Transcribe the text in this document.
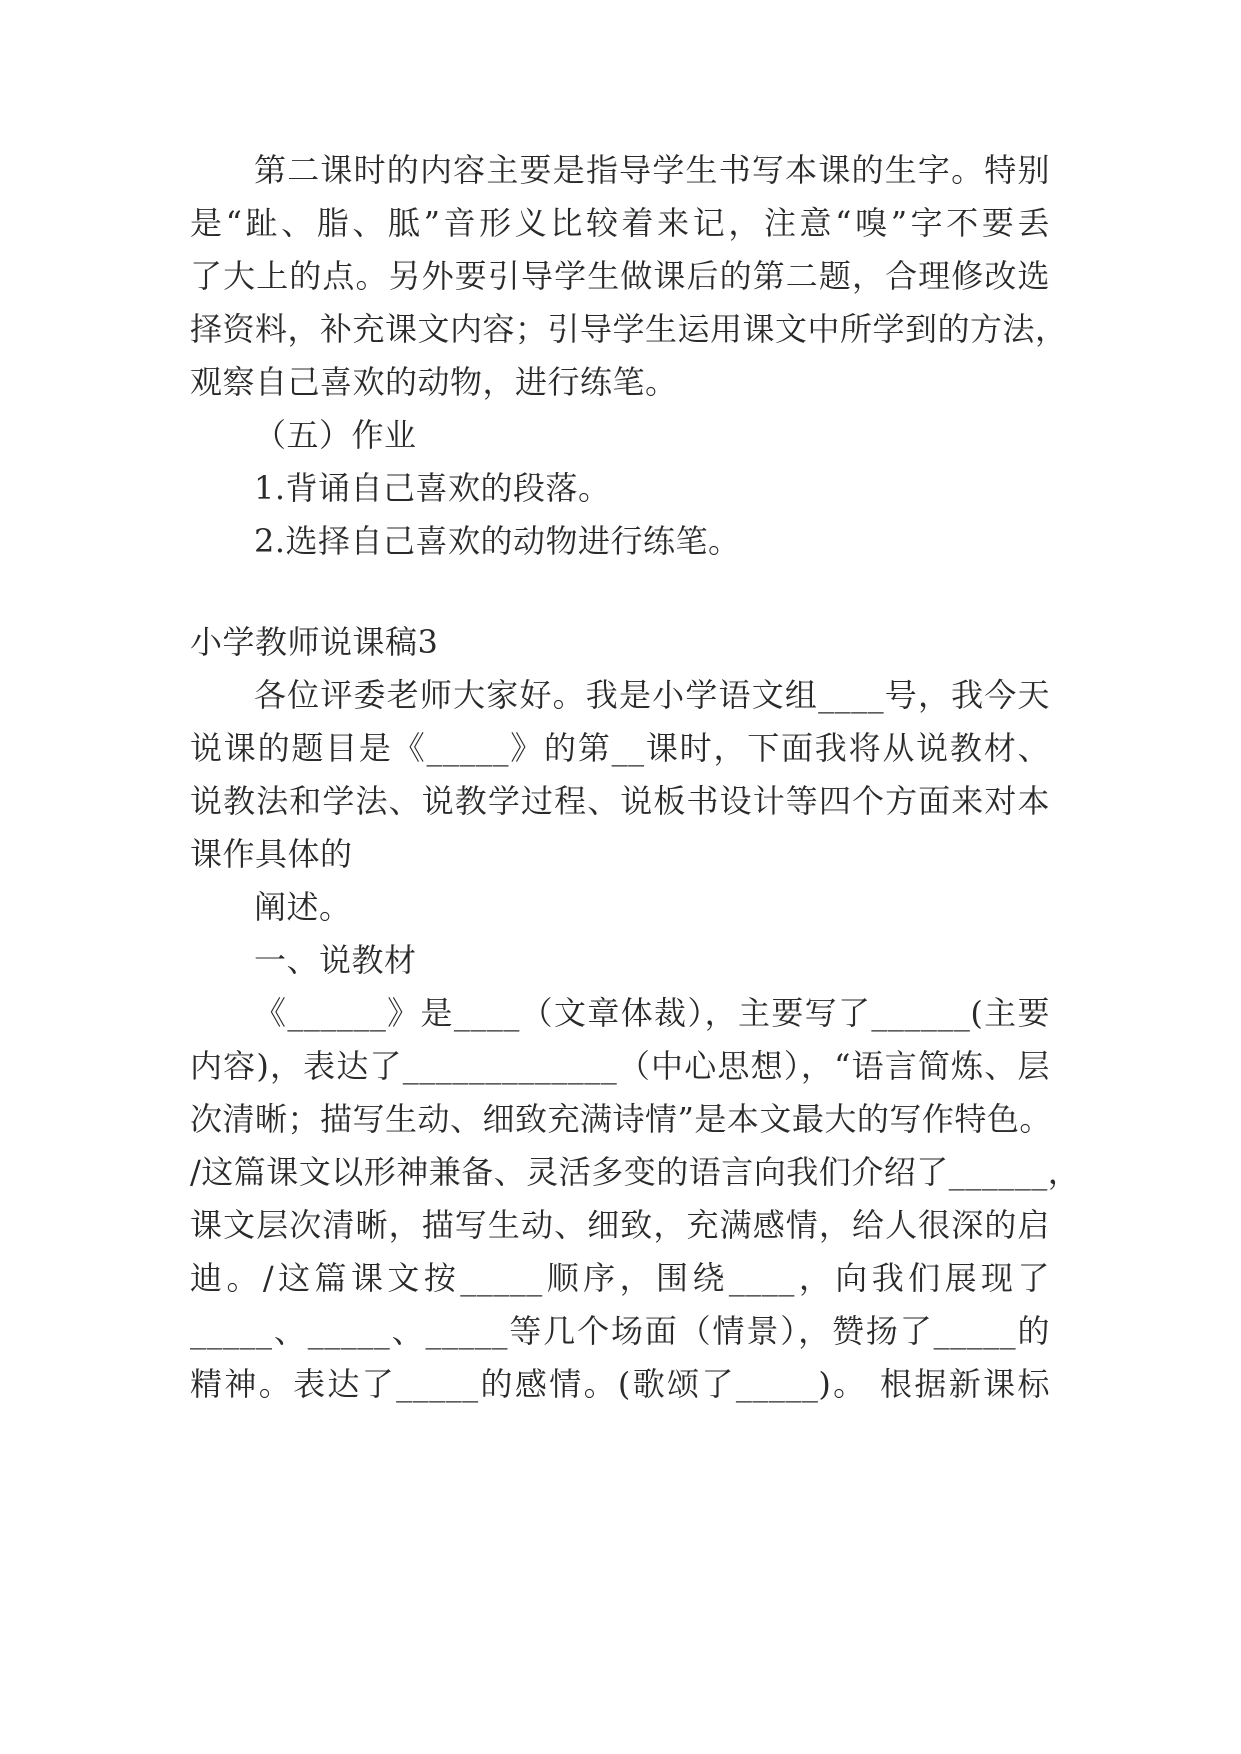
第二课时的内容主要是指导学生书写本课的生字。特别
是“趾、脂、胝”音形义比较着来记，注意“嗅”字不要丢
了大上的点。另外要引导学生做课后的第二题，合理修改选
择资料，补充课文内容；引导学生运用课文中所学到的方法，
观察自己喜欢的动物，进行练笔。
（五）作业
1.背诵自己喜欢的段落。
2.选择自己喜欢的动物进行练笔。
小学教师说课稿3
各位评委老师大家好。我是小学语文组____号，我今天
说课的题目是《_____》的第__课时，下面我将从说教材、
说教法和学法、说教学过程、说板书设计等四个方面来对本
课作具体的
阐述。
一、说教材
《______》是____（文章体裁），主要写了______(主要
内容)，表达了_____________（中心思想），“语言简炼、层
次清晰；描写生动、细致充满诗情”是本文最大的写作特色。
/这篇课文以形神兼备、灵活多变的语言向我们介绍了______，
课文层次清晰，描写生动、细致，充满感情，给人很深的启
迪。/这篇课文按_____顺序，围绕____，向我们展现了
_____、_____、_____等几个场面（情景），赞扬了_____的
精神。表达了_____的感情。(歌颂了_____)。 根据新课标
